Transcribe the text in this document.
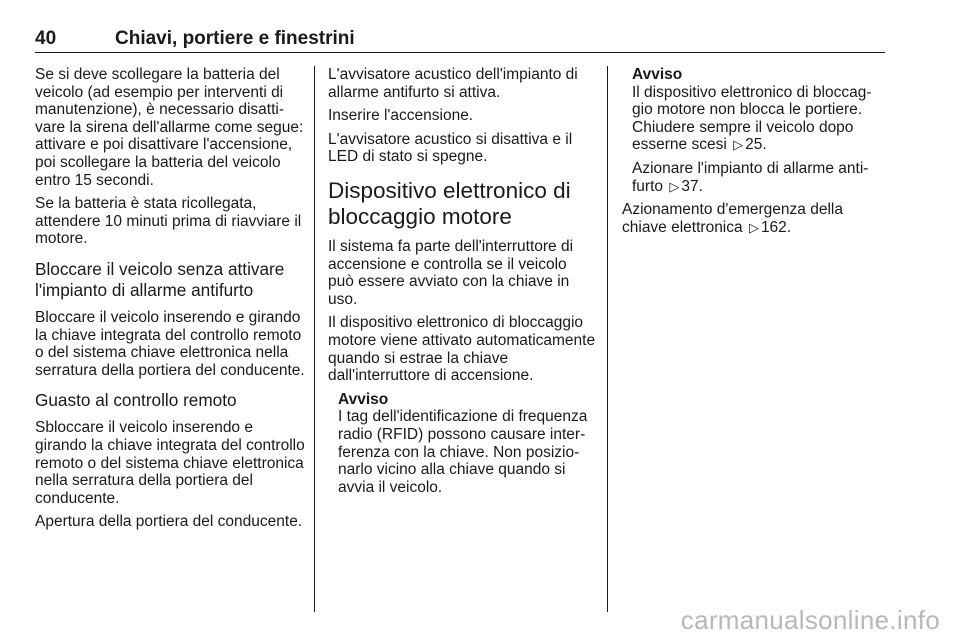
40	Chiavi, portiere e finestrini

Se si deve scollegare la batteria del veicolo (ad esempio per interventi di manutenzione), è necessario disattivare la sirena dell'allarme come segue: attivare e poi disattivare l'accensione, poi scollegare la batteria del veicolo entro 15 secondi.

Se la batteria è stata ricollegata, attendere 10 minuti prima di riavviare il motore.

Bloccare il veicolo senza attivare l'impianto di allarme antifurto

Bloccare il veicolo inserendo e girando la chiave integrata del controllo remoto o del sistema chiave elettronica nella serratura della portiera del conducente.

Guasto al controllo remoto

Sbloccare il veicolo inserendo e girando la chiave integrata del controllo remoto o del sistema chiave elettronica nella serratura della portiera del conducente.

Apertura della portiera del conducente.

L'avvisatore acustico dell'impianto di allarme antifurto si attiva.

Inserire l'accensione.

L'avvisatore acustico si disattiva e il LED di stato si spegne.

Dispositivo elettronico di bloccaggio motore

Il sistema fa parte dell'interruttore di accensione e controlla se il veicolo può essere avviato con la chiave in uso.

Il dispositivo elettronico di bloccaggio motore viene attivato automaticamente quando si estrae la chiave dall'interruttore di accensione.

Avviso
I tag dell'identificazione di frequenza radio (RFID) possono causare interferenza con la chiave. Non posizionarlo vicino alla chiave quando si avvia il veicolo.
Avviso

Il dispositivo elettronico di bloccaggio motore non blocca le portiere. Chiudere sempre il veicolo dopo esserne scesi ▷ 25.

Azionare l'impianto di allarme antifurto ▷ 37.

Azionamento d'emergenza della chiave elettronica ▷ 162.

carmanualsonline.info
